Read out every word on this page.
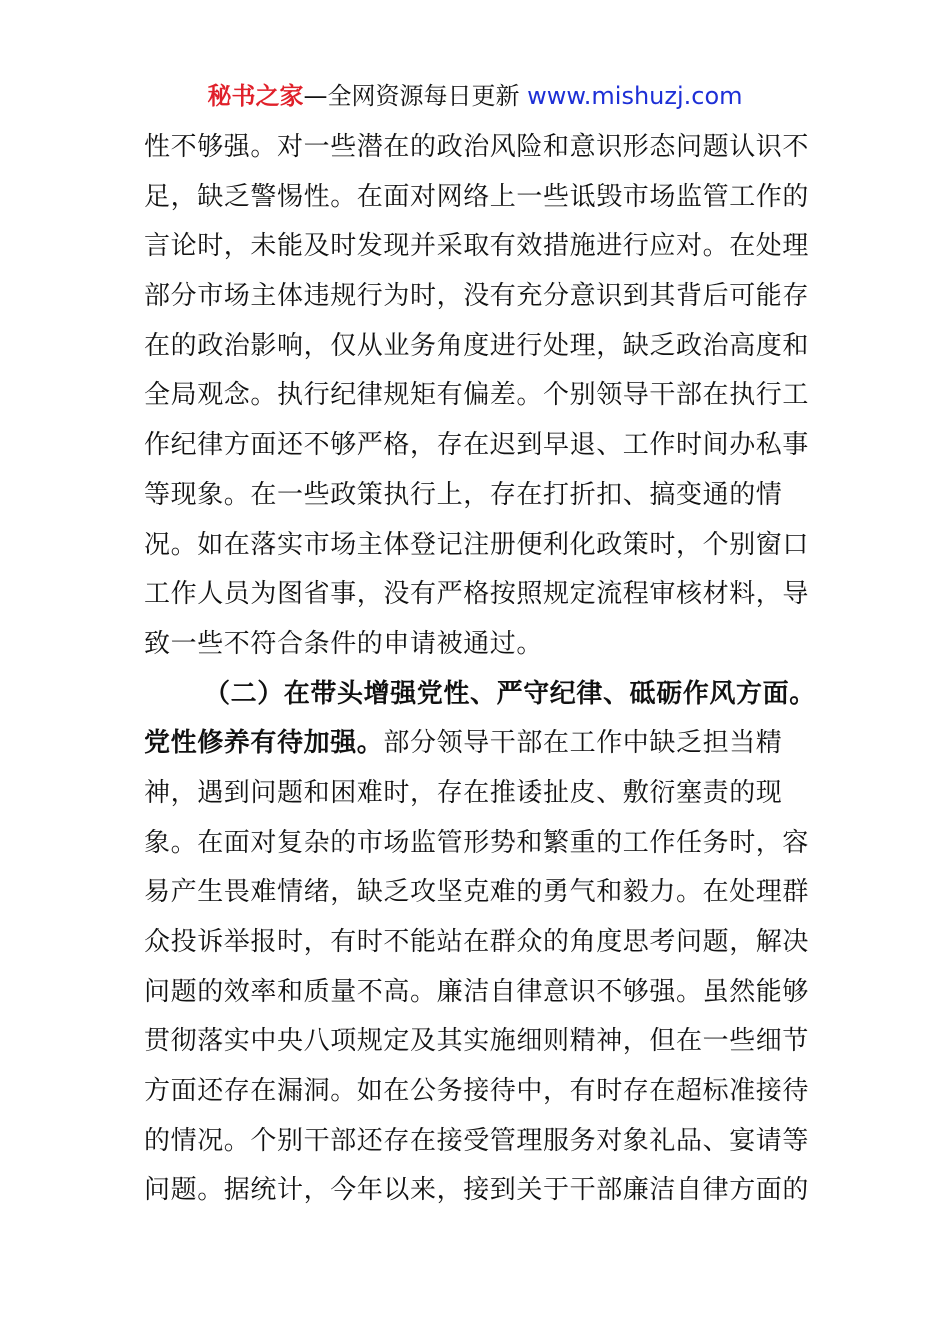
秘书之家—全网资源每日更新 www.mishuzj.com
性不够强。对一些潜在的政治风险和意识形态问题认识不
足，缺乏警惕性。在面对网络上一些诋毁市场监管工作的
言论时，未能及时发现并采取有效措施进行应对。在处理
部分市场主体违规行为时，没有充分意识到其背后可能存
在的政治影响，仅从业务角度进行处理，缺乏政治高度和
全局观念。执行纪律规矩有偏差。个别领导干部在执行工
作纪律方面还不够严格，存在迟到早退、工作时间办私事
等现象。在一些政策执行上，存在打折扣、搞变通的情
况。如在落实市场主体登记注册便利化政策时，个别窗口
工作人员为图省事，没有严格按照规定流程审核材料，导
致一些不符合条件的申请被通过。
（二）在带头增强党性、严守纪律、砥砺作风方面。
党性修养有待加强。部分领导干部在工作中缺乏担当精
神，遇到问题和困难时，存在推诿扯皮、敷衍塞责的现
象。在面对复杂的市场监管形势和繁重的工作任务时，容
易产生畏难情绪，缺乏攻坚克难的勇气和毅力。在处理群
众投诉举报时，有时不能站在群众的角度思考问题，解决
问题的效率和质量不高。廉洁自律意识不够强。虽然能够
贯彻落实中央八项规定及其实施细则精神，但在一些细节
方面还存在漏洞。如在公务接待中，有时存在超标准接待
的情况。个别干部还存在接受管理服务对象礼品、宴请等
问题。据统计，今年以来，接到关于干部廉洁自律方面的
